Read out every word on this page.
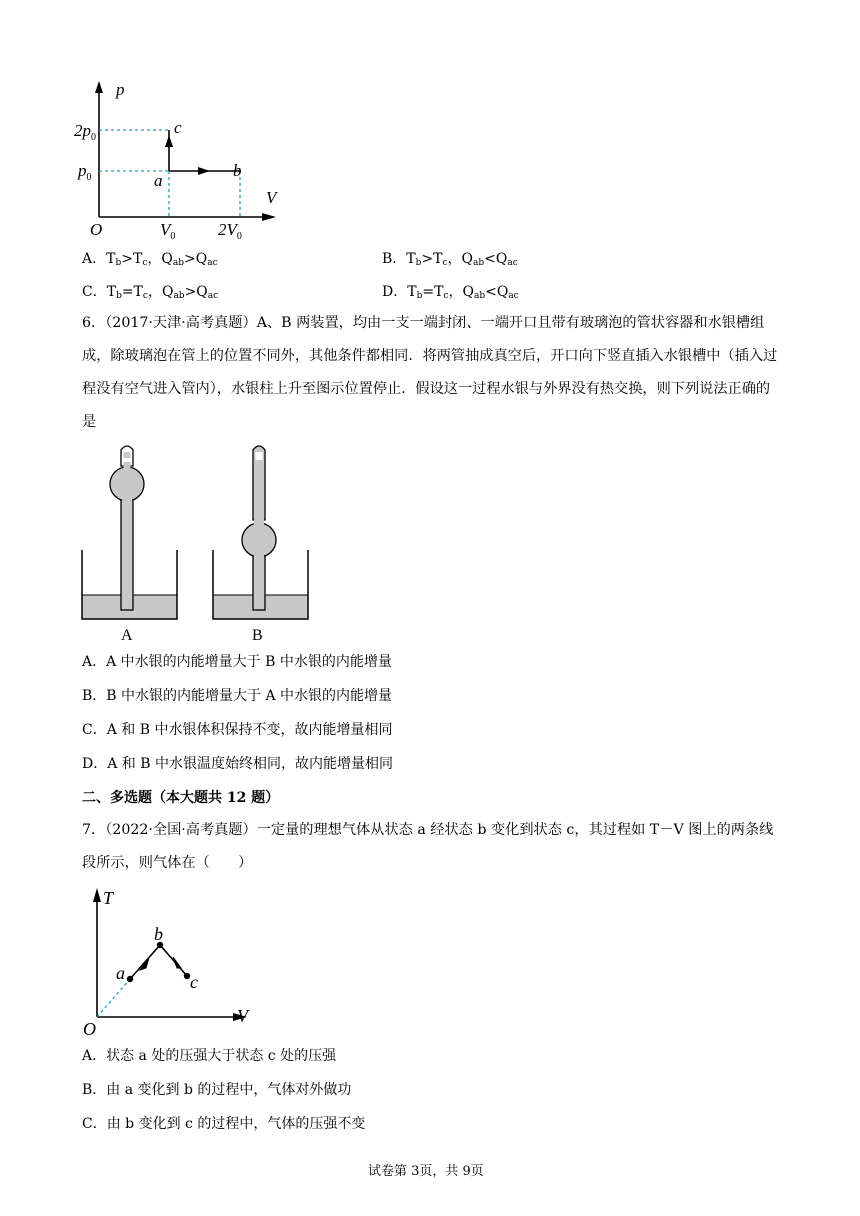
p
V
O
$2p_0$
$p_0$
$V_0$	$2V_0$
a
b
c
A．$T_b>T_c$，$Q_{ab}>Q_{ac}$	B．$T_b>T_c$，$Q_{ab}<Q_{ac}$
C．$T_b=T_c$，$Q_{ab}>Q_{ac}$	D．$T_b=T_c$，$Q_{ab}<Q_{ac}$
6．（2017·天津·高考真题）A、B 两装置，均由一支一端封闭、一端开口且带有玻璃泡的管状容器和水银槽组成，除玻璃泡在管上的位置不同外，其他条件都相同．将两管抽成真空后，开口向下竖直插入水银槽中（插入过程没有空气进入管内），水银柱上升至图示位置停止．假设这一过程水银与外界没有热交换，则下列说法正确的是
A	B
A．A 中水银的内能增量大于 B 中水银的内能增量
B．B 中水银的内能增量大于 A 中水银的内能增量
C．A 和 B 中水银体积保持不变，故内能增量相同
D．A 和 B 中水银温度始终相同，故内能增量相同
二、多选题（本大题共 12 题）
7．（2022·全国·高考真题）一定量的理想气体从状态 a 经状态 b 变化到状态 c，其过程如 T－V 图上的两条线段所示，则气体在（　　）
T
V
O
a
b
c
A．状态 a 处的压强大于状态 c 处的压强
B．由 a 变化到 b 的过程中，气体对外做功
C．由 b 变化到 c 的过程中，气体的压强不变
试卷第 3页，共 9页
